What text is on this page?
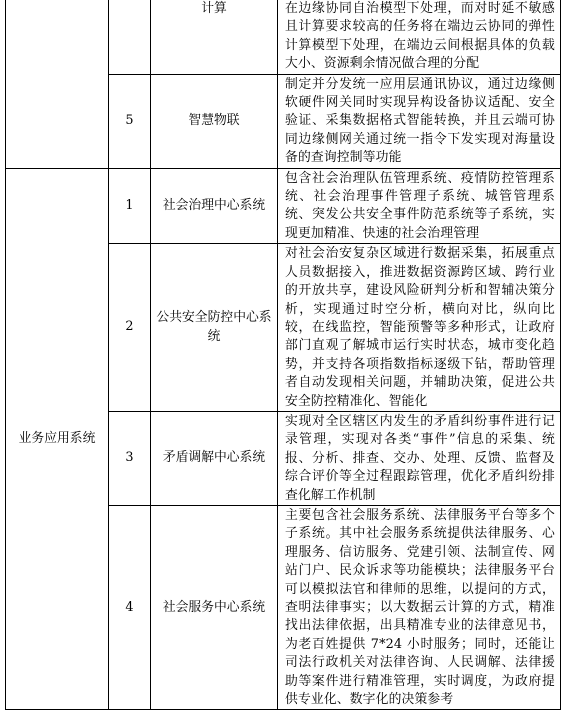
		计算	在边缘协同自治模型下处理，而对时延不敏感且计算要求较高的任务将在端边云协同的弹性计算模型下处理，在端边云间根据具体的负载大小、资源剩余情况做合理的分配
	5	智慧物联	制定并分发统一应用层通讯协议，通过边缘侧软硬件网关同时实现异构设备协议适配、安全验证、采集数据格式智能转换，并且云端可协同边缘侧网关通过统一指令下发实现对海量设备的查询控制等功能
业务应用系统	1	社会治理中心系统	包含社会治理队伍管理系统、疫情防控管理系统、社会治理事件管理子系统、城管管理系统、突发公共安全事件防范系统等子系统，实现更加精准、快速的社会治理管理
	2	公共安全防控中心系统	对社会治安复杂区域进行数据采集，拓展重点人员数据接入，推进数据资源跨区域、跨行业的开放共享，建设风险研判分析和智辅决策分析，实现通过时空分析，横向对比，纵向比较，在线监控，智能预警等多种形式，让政府部门直观了解城市运行实时状态，城市变化趋势，并支持各项指数指标逐级下钻，帮助管理者自动发现相关问题，并辅助决策，促进公共安全防控精准化、智能化
	3	矛盾调解中心系统	实现对全区辖区内发生的矛盾纠纷事件进行记录管理，实现对各类“事件”信息的采集、统报、分析、排查、交办、处理、反馈、监督及综合评价等全过程跟踪管理，优化矛盾纠纷排查化解工作机制
	4	社会服务中心系统	主要包含社会服务系统、法律服务平台等多个子系统。其中社会服务系统提供法律服务、心理服务、信访服务、党建引领、法制宣传、网站门户、民众诉求等功能模块；法律服务平台可以模拟法官和律师的思维，以提问的方式，查明法律事实；以大数据云计算的方式，精准找出法律依据，出具精准专业的法律意见书，为老百姓提供 7*24 小时服务；同时，还能让司法行政机关对法律咨询、人民调解、法律援助等案件进行精准管理，实时调度，为政府提供专业化、数字化的决策参考
